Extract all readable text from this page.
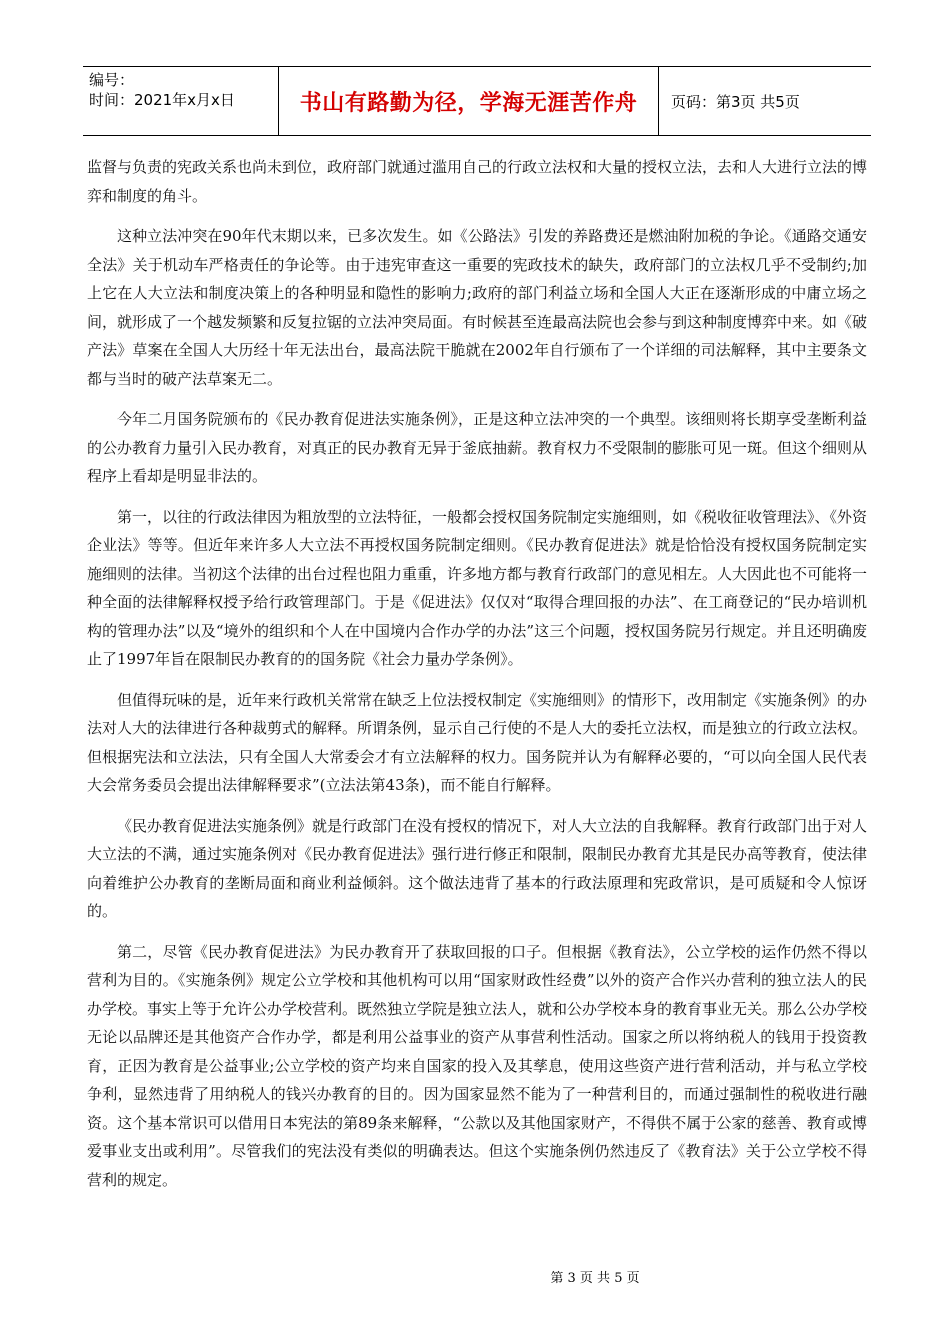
编号：
时间：2021年x月x日	书山有路勤为径，学海无涯苦作舟	页码：第3页 共5页

监督与负责的宪政关系也尚未到位，政府部门就通过滥用自己的行政立法权和大量的授权立法，去和人大进行立法的博弈和制度的角斗。

这种立法冲突在90年代末期以来，已多次发生。如《公路法》引发的养路费还是燃油附加税的争论。《通路交通安全法》关于机动车严格责任的争论等。由于违宪审查这一重要的宪政技术的缺失，政府部门的立法权几乎不受制约;加上它在人大立法和制度决策上的各种明显和隐性的影响力;政府的部门利益立场和全国人大正在逐渐形成的中庸立场之间，就形成了一个越发频繁和反复拉锯的立法冲突局面。有时候甚至连最高法院也会参与到这种制度博弈中来。如《破产法》草案在全国人大历经十年无法出台，最高法院干脆就在2002年自行颁布了一个详细的司法解释，其中主要条文都与当时的破产法草案无二。

今年二月国务院颁布的《民办教育促进法实施条例》，正是这种立法冲突的一个典型。该细则将长期享受垄断利益的公办教育力量引入民办教育，对真正的民办教育无异于釜底抽薪。教育权力不受限制的膨胀可见一斑。但这个细则从程序上看却是明显非法的。

第一，以往的行政法律因为粗放型的立法特征，一般都会授权国务院制定实施细则，如《税收征收管理法》、《外资企业法》等等。但近年来许多人大立法不再授权国务院制定细则。《民办教育促进法》就是恰恰没有授权国务院制定实施细则的法律。当初这个法律的出台过程也阻力重重，许多地方都与教育行政部门的意见相左。人大因此也不可能将一种全面的法律解释权授予给行政管理部门。于是《促进法》仅仅对“取得合理回报的办法”、在工商登记的“民办培训机构的管理办法”以及“境外的组织和个人在中国境内合作办学的办法”这三个问题，授权国务院另行规定。并且还明确废止了1997年旨在限制民办教育的的国务院《社会力量办学条例》。

但值得玩味的是，近年来行政机关常常在缺乏上位法授权制定《实施细则》的情形下，改用制定《实施条例》的办法对人大的法律进行各种裁剪式的解释。所谓条例，显示自己行使的不是人大的委托立法权，而是独立的行政立法权。但根据宪法和立法法，只有全国人大常委会才有立法解释的权力。国务院并认为有解释必要的，“可以向全国人民代表大会常务委员会提出法律解释要求”(立法法第43条)，而不能自行解释。

《民办教育促进法实施条例》就是行政部门在没有授权的情况下，对人大立法的自我解释。教育行政部门出于对人大立法的不满，通过实施条例对《民办教育促进法》强行进行修正和限制，限制民办教育尤其是民办高等教育，使法律向着维护公办教育的垄断局面和商业利益倾斜。这个做法违背了基本的行政法原理和宪政常识，是可质疑和令人惊讶的。

第二，尽管《民办教育促进法》为民办教育开了获取回报的口子。但根据《教育法》，公立学校的运作仍然不得以营利为目的。《实施条例》规定公立学校和其他机构可以用“国家财政性经费”以外的资产合作兴办营利的独立法人的民办学校。事实上等于允许公办学校营利。既然独立学院是独立法人，就和公办学校本身的教育事业无关。那么公办学校无论以品牌还是其他资产合作办学，都是利用公益事业的资产从事营利性活动。国家之所以将纳税人的钱用于投资教育，正因为教育是公益事业;公立学校的资产均来自国家的投入及其孳息，使用这些资产进行营利活动，并与私立学校争利，显然违背了用纳税人的钱兴办教育的目的。因为国家显然不能为了一种营利目的，而通过强制性的税收进行融资。这个基本常识可以借用日本宪法的第89条来解释，“公款以及其他国家财产，不得供不属于公家的慈善、教育或博爱事业支出或利用”。尽管我们的宪法没有类似的明确表达。但这个实施条例仍然违反了《教育法》关于公立学校不得营利的规定。

第 3 页 共 5 页
